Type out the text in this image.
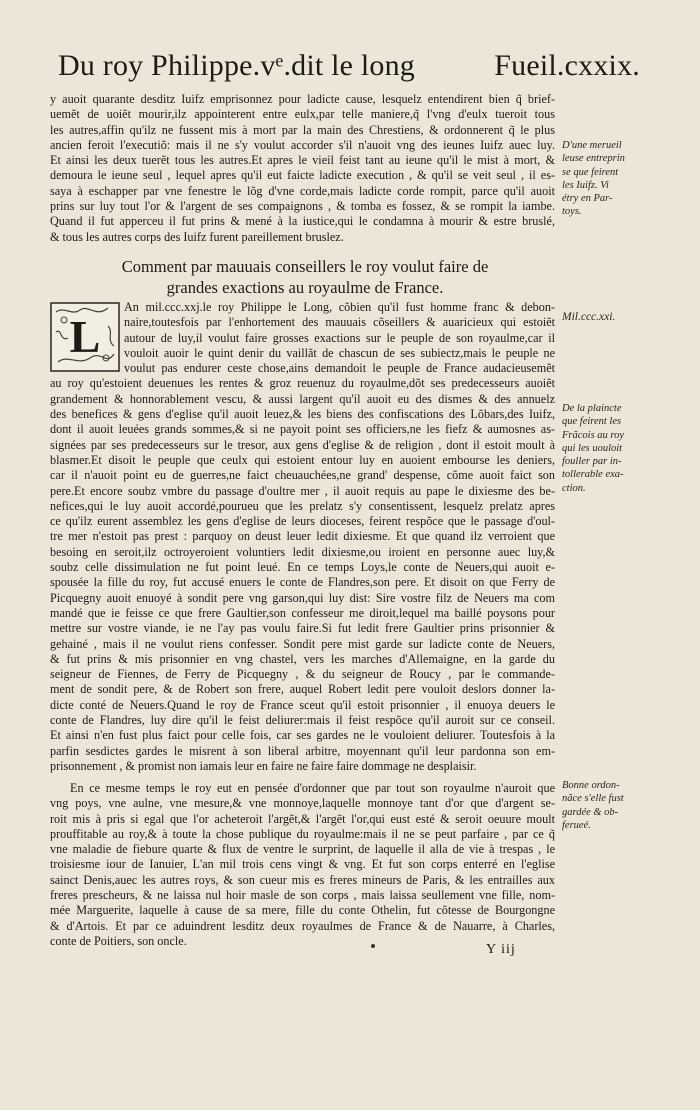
Du roy Philippe.vᵉ.dit le long	Fueil.cxxix.
y auoit quarante desditz Iuifz emprisonnez pour ladicte cause, lesquelz entendirent bien q̃ brief-
uemẽt de uoiẽt mourir,ilz appointerent entre eulx,par telle maniere,q̃ l'vng d'eulx tueroit tous
les autres,affin qu'ilz ne fussent mis à mort par la main des Chrestiens, & ordonnerent q̃ le plus
ancien feroit l'executiõ: mais il ne s'y voulut accorder s'il n'auoit vng des ieunes Iuifz auec luy.
Et ainsi les deux tuerẽt tous les autres.Et apres le vieil feist tant au ieune qu'il le mist à mort, &
demoura le ieune seul , lequel apres qu'il eut faicte ladicte execution , & qu'il se veit seul , il es-
saya à eschapper par vne fenestre le lõg d'vne corde,mais ladicte corde rompit, parce qu'il auoit
prins sur luy tout l'or & l'argent de ses compaignons , & tomba es fossez, & se rompit la iambe.
Quand il fut apperceu il fut prins & mené à la iustice,qui le condamna à mourir & estre bruslé,
& tous les autres corps des Iuifz furent pareillement bruslez.
Comment par mauuais conseillers le roy voulut faire de
grandes exactions au royaulme de France.
L
An mil.ccc.xxj.le roy Philippe le Long, cõbien qu'il fust homme franc & debon-
naire,toutesfois par l'enhortement des mauuais cõseillers & auaricieux qui estoiẽt
autour de luy,il voulut faire grosses exactions sur le peuple de son royaulme,car il
vouloit auoir le quint denir du vaillãt de chascun de ses subiectz,mais le peuple ne
voulut pas endurer ceste chose,ains demandoit le peuple de France audacieusemẽt
au roy qu'estoient deuenues les rentes & groz reuenuz du royaulme,dõt ses predecesseurs auoiẽt
grandement & honnorablement vescu, & aussi largent qu'il auoit eu des dismes & des annuelz
des benefices & gens d'eglise qu'il auoit leuez,& les biens des confiscations des Lõbars,des Iuifz,
dont il auoit leuées grands sommes,& si ne payoit point ses officiers,ne les fiefz & aumosnes as-
signées par ses predecesseurs sur le tresor, aux gens d'eglise & de religion , dont il estoit moult à
blasmer.Et disoit le peuple que ceulx qui estoient entour luy en auoient embourse les deniers,
car il n'auoit point eu de guerres,ne faict cheuauchées,ne grand' despense, cõme auoit faict son
pere.Et encore soubz vmbre du passage d'oultre mer , il auoit requis au pape le dixiesme des be-
nefices,qui le luy auoit accordé,pourueu que les prelatz s'y consentissent, lesquelz prelatz apres
ce qu'ilz eurent assemblez les gens d'eglise de leurs dioceses, feirent respõce que le passage d'oul-
tre mer n'estoit pas prest : parquoy on deust leuer ledit dixiesme. Et que quand ilz verroient que
besoing en seroit,ilz octroyeroient voluntiers ledit dixiesme,ou iroient en personne auec luy,&
soubz celle dissimulation ne fut point leué. En ce temps Loys,le conte de Neuers,qui auoit e-
spousée la fille du roy, fut accusé enuers le conte de Flandres,son pere. Et disoit on que Ferry de
Picquegny auoit enuoyé à sondit pere vng garson,qui luy dist: Sire vostre filz de Neuers ma com
mandé que ie feisse ce que frere Gaultier,son confesseur me diroit,lequel ma baillé poysons pour
mettre sur vostre viande, ie ne l'ay pas voulu faire.Si fut ledit frere Gaultier prins prisonnier &
gehainé , mais il ne voulut riens confesser. Sondit pere mist garde sur ladicte conte de Neuers,
& fut prins & mis prisonnier en vng chastel, vers les marches d'Allemaigne, en la garde du
seigneur de Fiennes, de Ferry de Picquegny , & du seigneur de Roucy , par le commande-
ment de sondit pere, & de Robert son frere, auquel Robert ledit pere vouloit deslors donner la-
dicte conté de Neuers.Quand le roy de France sceut qu'il estoit prisonnier , il enuoya deuers le
conte de Flandres, luy dire qu'il le feist deliurer:mais il feist respõce qu'il auroit sur ce conseil.
Et ainsi n'en fust plus faict pour celle fois, car ses gardes ne le vouloient deliurer. Toutesfois à la
parfin sesdictes gardes le misrent à son liberal arbitre, moyennant qu'il leur pardonna son em-
prisonnement , & promist non iamais leur en faire ne faire faire dommage ne desplaisir.
En ce mesme temps le roy eut en pensée d'ordonner que par tout son royaulme n'auroit que
vng poys, vne aulne, vne mesure,& vne monnoye,laquelle monnoye tant d'or que d'argent se-
roit mis à pris si egal que l'or acheteroit l'argẽt,& l'argẽt l'or,qui eust esté & seroit oeuure moult
prouffitable au roy,& à toute la chose publique du royaulme:mais il ne se peut parfaire , par ce q̃
vne maladie de fiebure quarte & flux de ventre le surprint, de laquelle il alla de vie à trespas , le
troisiesme iour de Ianuier, L'an mil trois cens vingt & vng. Et fut son corps enterré en l'eglise
sainct Denis,auec les autres roys, & son cueur mis es freres mineurs de Paris, & les entrailles aux
freres prescheurs, & ne laissa nul hoir masle de son corps , mais laissa seullement vne fille, nom-
mée Marguerite, laquelle à cause de sa mere, fille du conte Othelin, fut cõtesse de Bourgongne
& d'Artois. Et par ce aduindrent lesditz deux royaulmes de France & de Nauarre, à Charles,
conte de Poitiers, son oncle.
D'une merueil
leuse entreprin
se que feirent
les Iuifz. Vi
étry en Par-
toys.
Mil.ccc.xxi.
De la plaincte
que feirent les
Frãcois au roy
qui les uouloit
fouller par in-
tollerable exa-
ction.
Bonne ordon-
nãce s'elle fust
gardée & ob-
ferueé.
Y iij
